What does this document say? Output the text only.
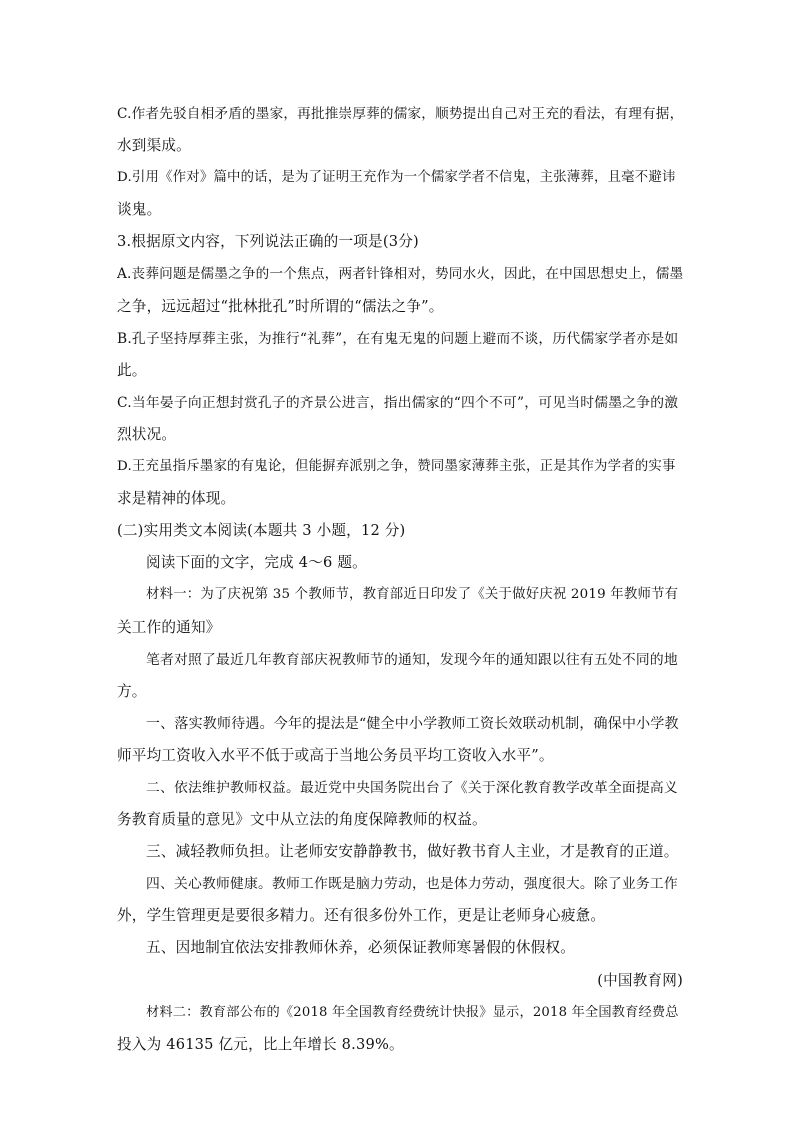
C.作者先驳自相矛盾的墨家，再批推崇厚葬的儒家，顺势提出自己对王充的看法，有理有据，
水到渠成。
D.引用《作对》篇中的话，是为了证明王充作为一个儒家学者不信鬼，主张薄葬，且毫不避讳
谈鬼。
3.根据原文内容，下列说法正确的一项是(3分)
A.丧葬问题是儒墨之争的一个焦点，两者针锋相对，势同水火，因此，在中国思想史上，儒墨
之争，远远超过“批林批孔”时所谓的“儒法之争”。
B.孔子坚持厚葬主张，为推行“礼葬”，在有鬼无鬼的问题上避而不谈，历代儒家学者亦是如
此。
C.当年晏子向正想封赏孔子的齐景公进言，指出儒家的“四个不可”，可见当时儒墨之争的激
烈状况。
D.王充虽指斥墨家的有鬼论，但能摒弃派别之争，赞同墨家薄葬主张，正是其作为学者的实事
求是精神的体现。
(二)实用类文本阅读(本题共 3 小题，12 分)
阅读下面的文字，完成 4～6 题。
材料一：为了庆祝第 35 个教师节，教育部近日印发了《关于做好庆祝 2019 年教师节有
关工作的通知》
笔者对照了最近几年教育部庆祝教师节的通知，发现今年的通知跟以往有五处不同的地
方。
一、落实教师待遇。今年的提法是“健全中小学教师工资长效联动机制，确保中小学教
师平均工资收入水平不低于或高于当地公务员平均工资收入水平”。
二、依法维护教师权益。最近党中央国务院出台了《关于深化教育教学改革全面提高义
务教育质量的意见》文中从立法的角度保障教师的权益。
三、减轻教师负担。让老师安安静静教书，做好教书育人主业，才是教育的正道。
四、关心教师健康。教师工作既是脑力劳动，也是体力劳动，强度很大。除了业务工作
外，学生管理更是要很多精力。还有很多份外工作，更是让老师身心疲惫。
五、因地制宜依法安排教师休养，必须保证教师寒暑假的休假权。
(中国教育网)
材料二：教育部公布的《2018 年全国教育经费统计快报》显示，2018 年全国教育经费总
投入为 46135 亿元，比上年增长 8.39%。
